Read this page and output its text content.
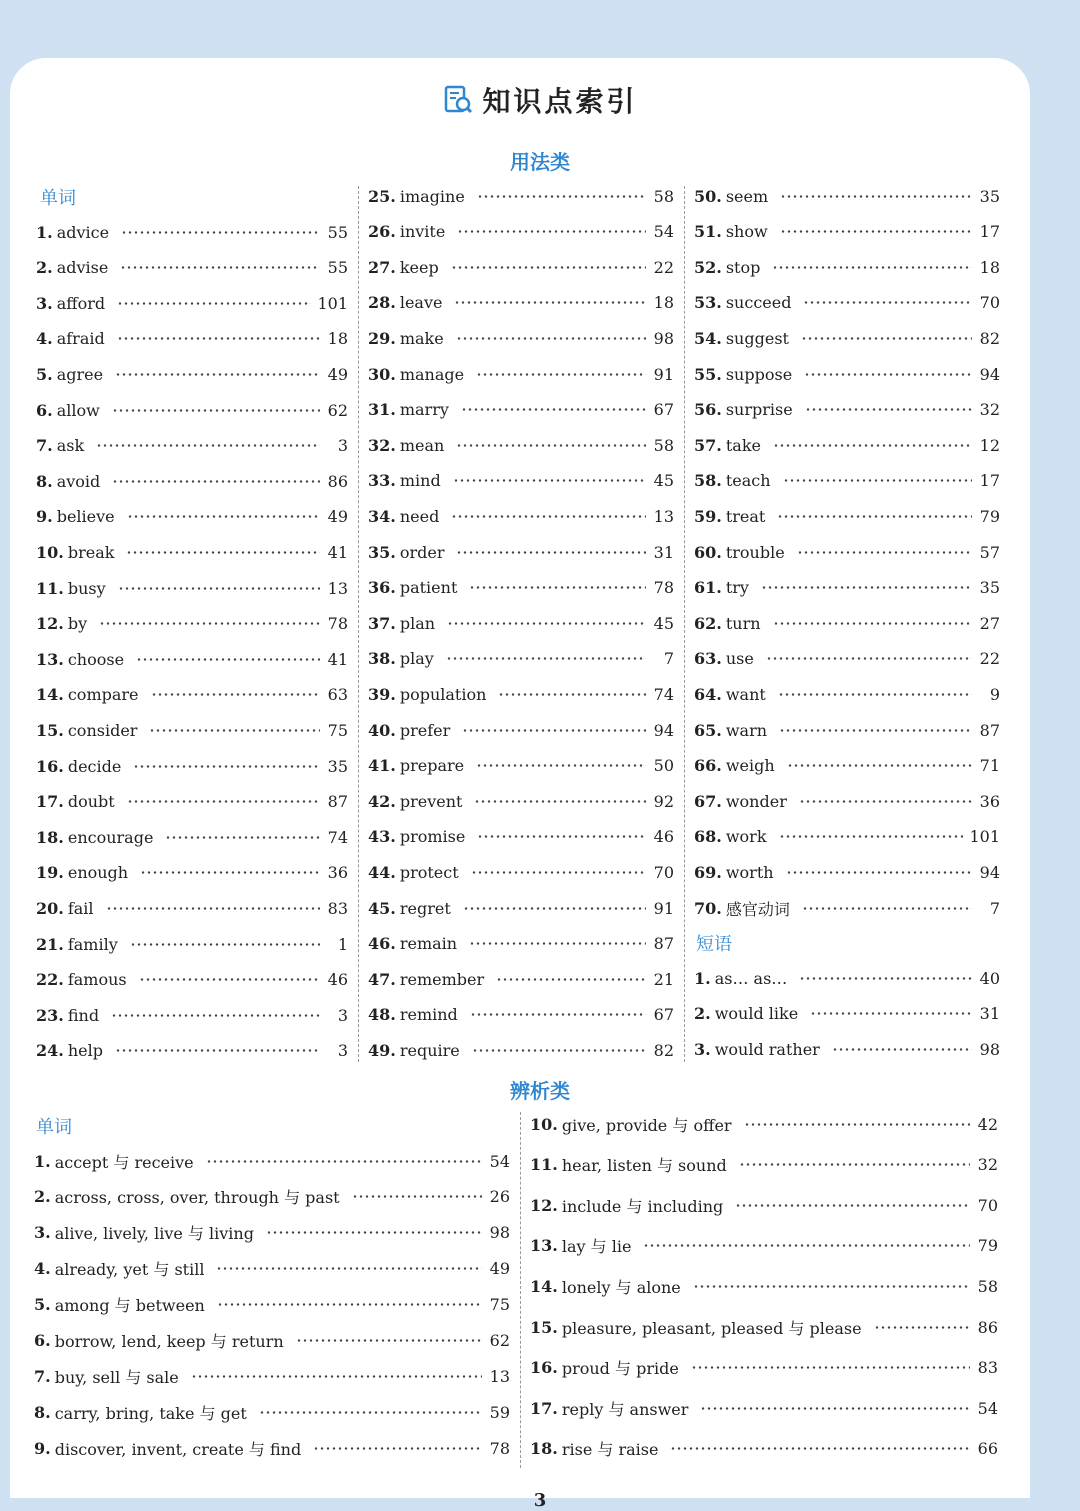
知识点索引
用法类
单词
1. advice	55
2. advise	55
3. afford	101
4. afraid	18
5. agree	49
6. allow	62
7. ask	3
8. avoid	86
9. believe	49
10. break	41
11. busy	13
12. by	78
13. choose	41
14. compare	63
15. consider	75
16. decide	35
17. doubt	87
18. encourage	74
19. enough	36
20. fail	83
21. family	1
22. famous	46
23. find	3
24. help	3
25. imagine	58
26. invite	54
27. keep	22
28. leave	18
29. make	98
30. manage	91
31. marry	67
32. mean	58
33. mind	45
34. need	13
35. order	31
36. patient	78
37. plan	45
38. play	7
39. population	74
40. prefer	94
41. prepare	50
42. prevent	92
43. promise	46
44. protect	70
45. regret	91
46. remain	87
47. remember	21
48. remind	67
49. require	82
50. seem	35
51. show	17
52. stop	18
53. succeed	70
54. suggest	82
55. suppose	94
56. surprise	32
57. take	12
58. teach	17
59. treat	79
60. trouble	57
61. try	35
62. turn	27
63. use	22
64. want	9
65. warn	87
66. weigh	71
67. wonder	36
68. work	101
69. worth	94
70. 感官动词	7
短语
1. as… as…	40
2. would like	31
3. would rather	98
辨析类
单词
1. accept 与 receive	54
2. across, cross, over, through 与 past	26
3. alive, lively, live 与 living	98
4. already, yet 与 still	49
5. among 与 between	75
6. borrow, lend, keep 与 return	62
7. buy, sell 与 sale	13
8. carry, bring, take 与 get	59
9. discover, invent, create 与 find	78
10. give, provide 与 offer	42
11. hear, listen 与 sound	32
12. include 与 including	70
13. lay 与 lie	79
14. lonely 与 alone	58
15. pleasure, pleasant, pleased 与 please	86
16. proud 与 pride	83
17. reply 与 answer	54
18. rise 与 raise	66
3
